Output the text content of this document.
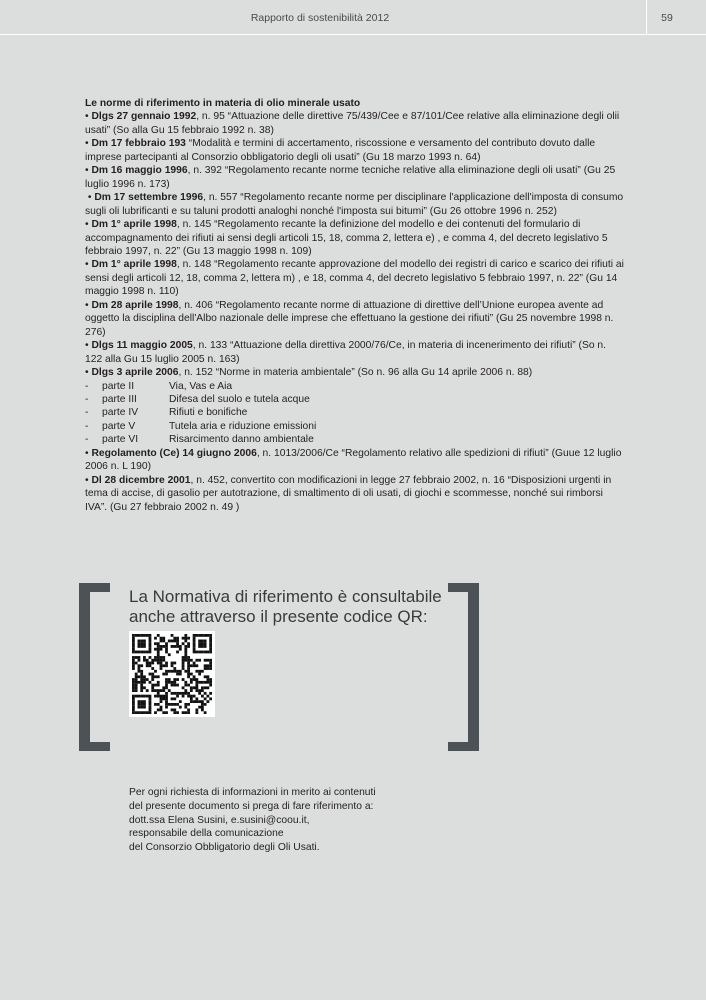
Rapporto di sostenibilità 2012	59

Le norme di riferimento in materia di olio minerale usato

• Dlgs 27 gennaio 1992, n. 95 “Attuazione delle direttive 75/439/Cee e 87/101/Cee relative alla eliminazione degli olii usati” (So alla Gu 15 febbraio 1992 n. 38)

• Dm 17 febbraio 193 “Modalità e termini di accertamento, riscossione e versamento del contributo dovuto dalle imprese partecipanti al Consorzio obbligatorio degli oli usati” (Gu 18 marzo 1993 n. 64)

• Dm 16 maggio 1996, n. 392 “Regolamento recante norme tecniche relative alla eliminazione degli oli usati” (Gu 25 luglio 1996 n. 173)

• Dm 17 settembre 1996, n. 557 “Regolamento recante norme per disciplinare l'applicazione dell'imposta di consumo sugli oli lubrificanti e su taluni prodotti analoghi nonché l'imposta sui bitumi” (Gu 26 ottobre 1996 n. 252)

• Dm 1° aprile 1998, n. 145 “Regolamento recante la definizione del modello e dei contenuti del formulario di accompagnamento dei rifiuti ai sensi degli articoli 15, 18, comma 2, lettera e) , e comma 4, del decreto legislativo 5 febbraio 1997, n. 22” (Gu 13 maggio 1998 n. 109)

• Dm 1° aprile 1998, n. 148 “Regolamento recante approvazione del modello dei registri di carico e scarico dei rifiuti ai sensi degli articoli 12, 18, comma 2, lettera m) , e 18, comma 4, del decreto legislativo 5 febbraio 1997, n. 22” (Gu 14 maggio 1998 n. 110)

• Dm 28 aprile 1998, n. 406 “Regolamento recante norme di attuazione di direttive dell’Unione europea avente ad oggetto la disciplina dell'Albo nazionale delle imprese che effettuano la gestione dei rifiuti” (Gu 25 novembre 1998 n. 276)

• Dlgs 11 maggio 2005, n. 133 “Attuazione della direttiva 2000/76/Ce, in materia di incenerimento dei rifiuti” (So n. 122 alla Gu 15 luglio 2005 n. 163)

• Dlgs 3 aprile 2006, n. 152 “Norme in materia ambientale” (So n. 96 alla Gu 14 aprile 2006 n. 88)

-	parte II	Via, Vas e Aia
-	parte III	Difesa del suolo e tutela acque
-	parte IV	Rifiuti e bonifiche
-	parte V	Tutela aria e riduzione emissioni
-	parte VI	Risarcimento danno ambientale

• Regolamento (Ce) 14 giugno 2006, n. 1013/2006/Ce “Regolamento relativo alle spedizioni di rifiuti” (Guue 12 luglio 2006 n. L 190)

• Dl 28 dicembre 2001, n. 452, convertito con modificazioni in legge 27 febbraio 2002, n. 16 “Disposizioni urgenti in tema di accise, di gasolio per autotrazione, di smaltimento di oli usati, di giochi e scommesse, nonché sui rimborsi IVA”. (Gu 27 febbraio 2002 n. 49 )

La Normativa di riferimento è consultabile
anche attraverso il presente codice QR:
Per ogni richiesta di informazioni in merito ai contenuti
del presente documento si prega di fare riferimento a:
dott.ssa Elena Susini, e.susini@coou.it,
responsabile della comunicazione
del Consorzio Obbligatorio degli Oli Usati.
